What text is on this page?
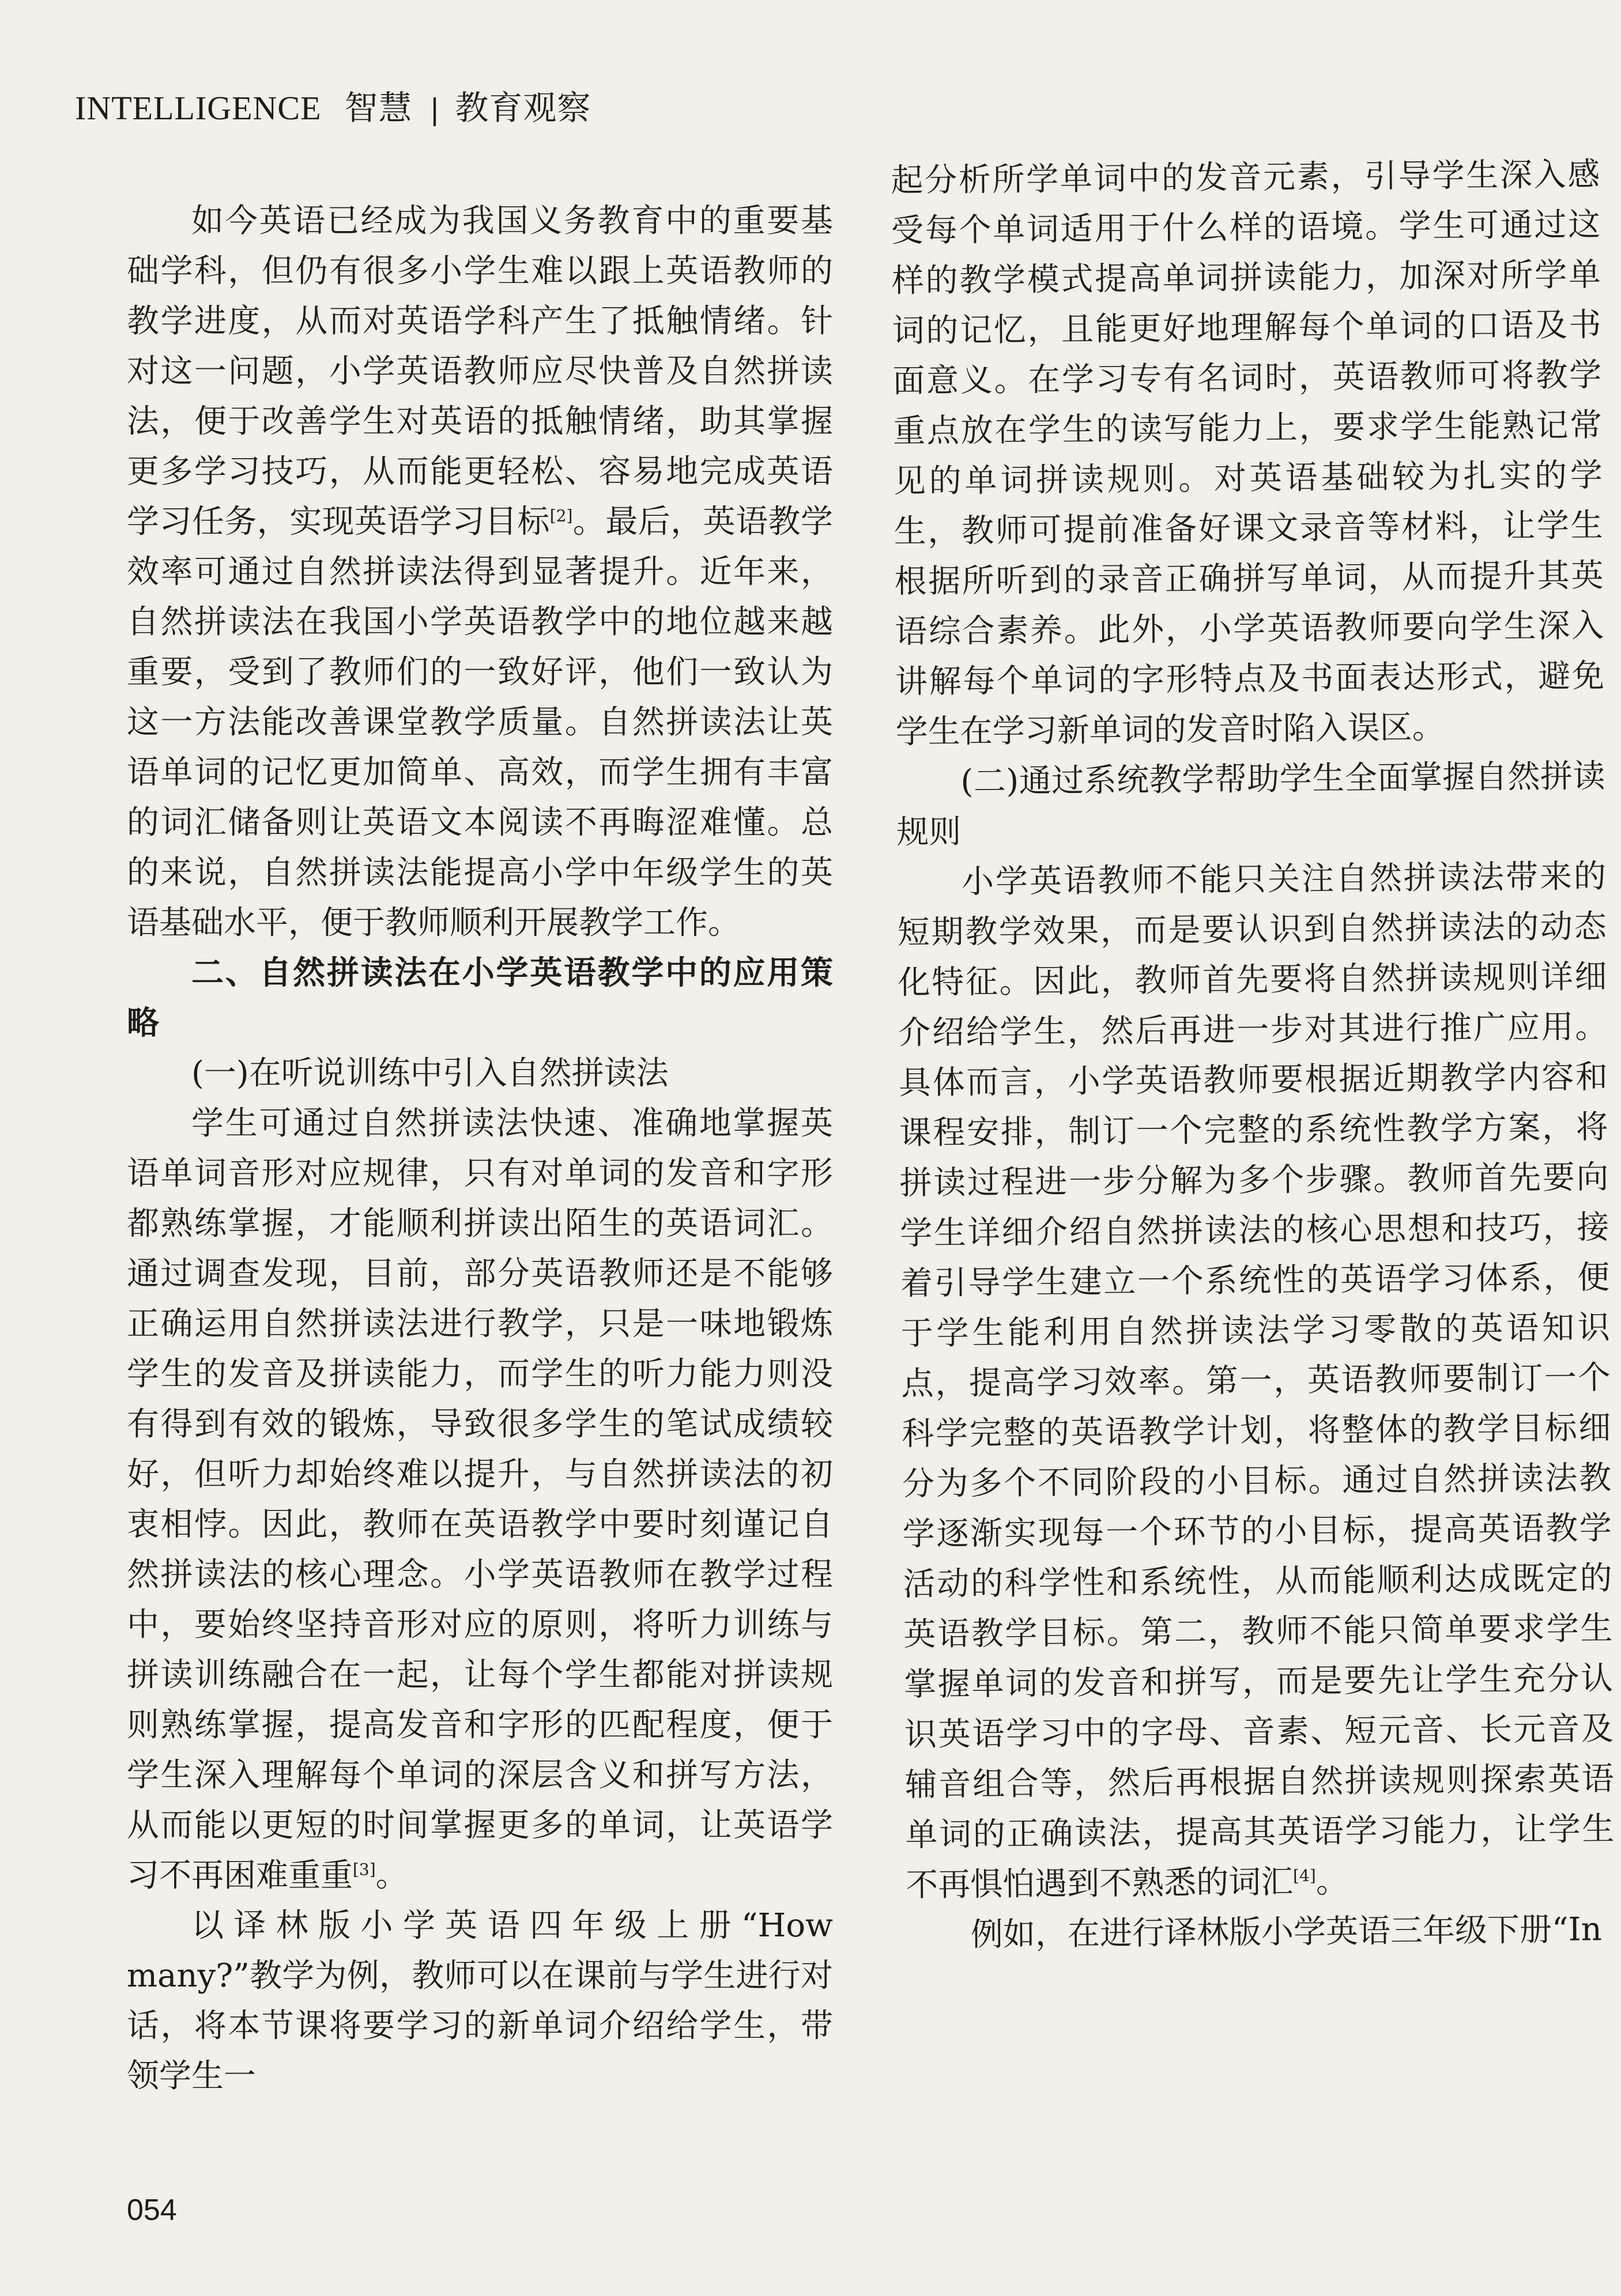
INTELLIGENCE 智慧 | 教育观察

如今英语已经成为我国义务教育中的重要基础学科，但仍有很多小学生难以跟上英语教师的教学进度，从而对英语学科产生了抵触情绪。针对这一问题，小学英语教师应尽快普及自然拼读法，便于改善学生对英语的抵触情绪，助其掌握更多学习技巧，从而能更轻松、容易地完成英语学习任务，实现英语学习目标[2]。最后，英语教学效率可通过自然拼读法得到显著提升。近年来，自然拼读法在我国小学英语教学中的地位越来越重要，受到了教师们的一致好评，他们一致认为这一方法能改善课堂教学质量。自然拼读法让英语单词的记忆更加简单、高效，而学生拥有丰富的词汇储备则让英语文本阅读不再晦涩难懂。总的来说，自然拼读法能提高小学中年级学生的英语基础水平，便于教师顺利开展教学工作。

二、自然拼读法在小学英语教学中的应用策略

(一)在听说训练中引入自然拼读法

学生可通过自然拼读法快速、准确地掌握英语单词音形对应规律，只有对单词的发音和字形都熟练掌握，才能顺利拼读出陌生的英语词汇。通过调查发现，目前，部分英语教师还是不能够正确运用自然拼读法进行教学，只是一味地锻炼学生的发音及拼读能力，而学生的听力能力则没有得到有效的锻炼，导致很多学生的笔试成绩较好，但听力却始终难以提升，与自然拼读法的初衷相悖。因此，教师在英语教学中要时刻谨记自然拼读法的核心理念。小学英语教师在教学过程中，要始终坚持音形对应的原则，将听力训练与拼读训练融合在一起，让每个学生都能对拼读规则熟练掌握，提高发音和字形的匹配程度，便于学生深入理解每个单词的深层含义和拼写方法，从而能以更短的时间掌握更多的单词，让英语学习不再困难重重[3]。

以译林版小学英语四年级上册“How many?”教学为例，教师可以在课前与学生进行对话，将本节课将要学习的新单词介绍给学生，带领学生一

起分析所学单词中的发音元素，引导学生深入感受每个单词适用于什么样的语境。学生可通过这样的教学模式提高单词拼读能力，加深对所学单词的记忆，且能更好地理解每个单词的口语及书面意义。在学习专有名词时，英语教师可将教学重点放在学生的读写能力上，要求学生能熟记常见的单词拼读规则。对英语基础较为扎实的学生，教师可提前准备好课文录音等材料，让学生根据所听到的录音正确拼写单词，从而提升其英语综合素养。此外，小学英语教师要向学生深入讲解每个单词的字形特点及书面表达形式，避免学生在学习新单词的发音时陷入误区。

(二)通过系统教学帮助学生全面掌握自然拼读规则

小学英语教师不能只关注自然拼读法带来的短期教学效果，而是要认识到自然拼读法的动态化特征。因此，教师首先要将自然拼读规则详细介绍给学生，然后再进一步对其进行推广应用。具体而言，小学英语教师要根据近期教学内容和课程安排，制订一个完整的系统性教学方案，将拼读过程进一步分解为多个步骤。教师首先要向学生详细介绍自然拼读法的核心思想和技巧，接着引导学生建立一个系统性的英语学习体系，便于学生能利用自然拼读法学习零散的英语知识点，提高学习效率。第一，英语教师要制订一个科学完整的英语教学计划，将整体的教学目标细分为多个不同阶段的小目标。通过自然拼读法教学逐渐实现每一个环节的小目标，提高英语教学活动的科学性和系统性，从而能顺利达成既定的英语教学目标。第二，教师不能只简单要求学生掌握单词的发音和拼写，而是要先让学生充分认识英语学习中的字母、音素、短元音、长元音及辅音组合等，然后再根据自然拼读规则探索英语单词的正确读法，提高其英语学习能力，让学生不再惧怕遇到不熟悉的词汇[4]。

例如，在进行译林版小学英语三年级下册“In

054
